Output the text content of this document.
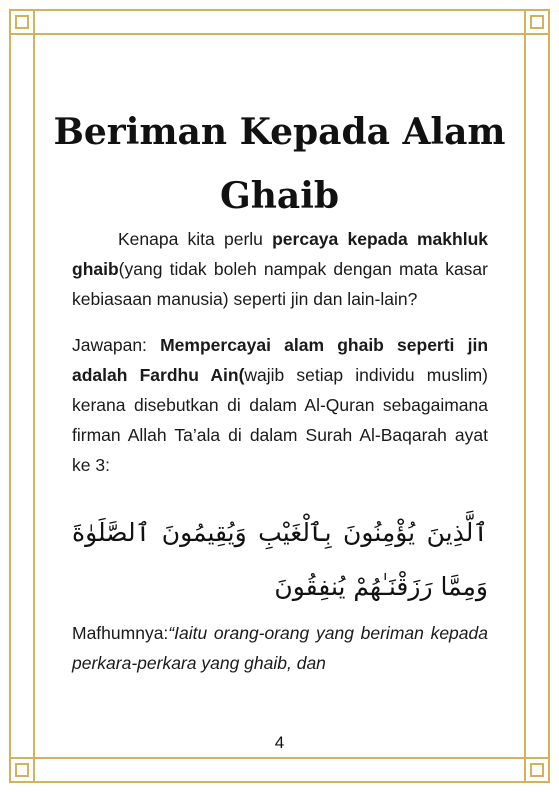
Beriman Kepada Alam Ghaib

Kenapa kita perlu percaya kepada makhluk ghaib(yang tidak boleh nampak dengan mata kasar kebiasaan manusia) seperti jin dan lain-lain?

Jawapan: Mempercayai alam ghaib seperti jin adalah Fardhu Ain(wajib setiap individu muslim) kerana disebutkan di dalam Al-Quran sebagaimana firman Allah Ta’ala di dalam Surah Al-Baqarah ayat ke 3:

ٱلَّذِينَ يُؤْمِنُونَ بِٱلْغَيْبِ وَيُقِيمُونَ ٱلصَّلَوٰةَ وَمِمَّا رَزَقْنَـٰهُمْ يُنفِقُونَ

Mafhumnya:“Iaitu orang-orang yang beriman kepada perkara-perkara yang ghaib, dan

4
